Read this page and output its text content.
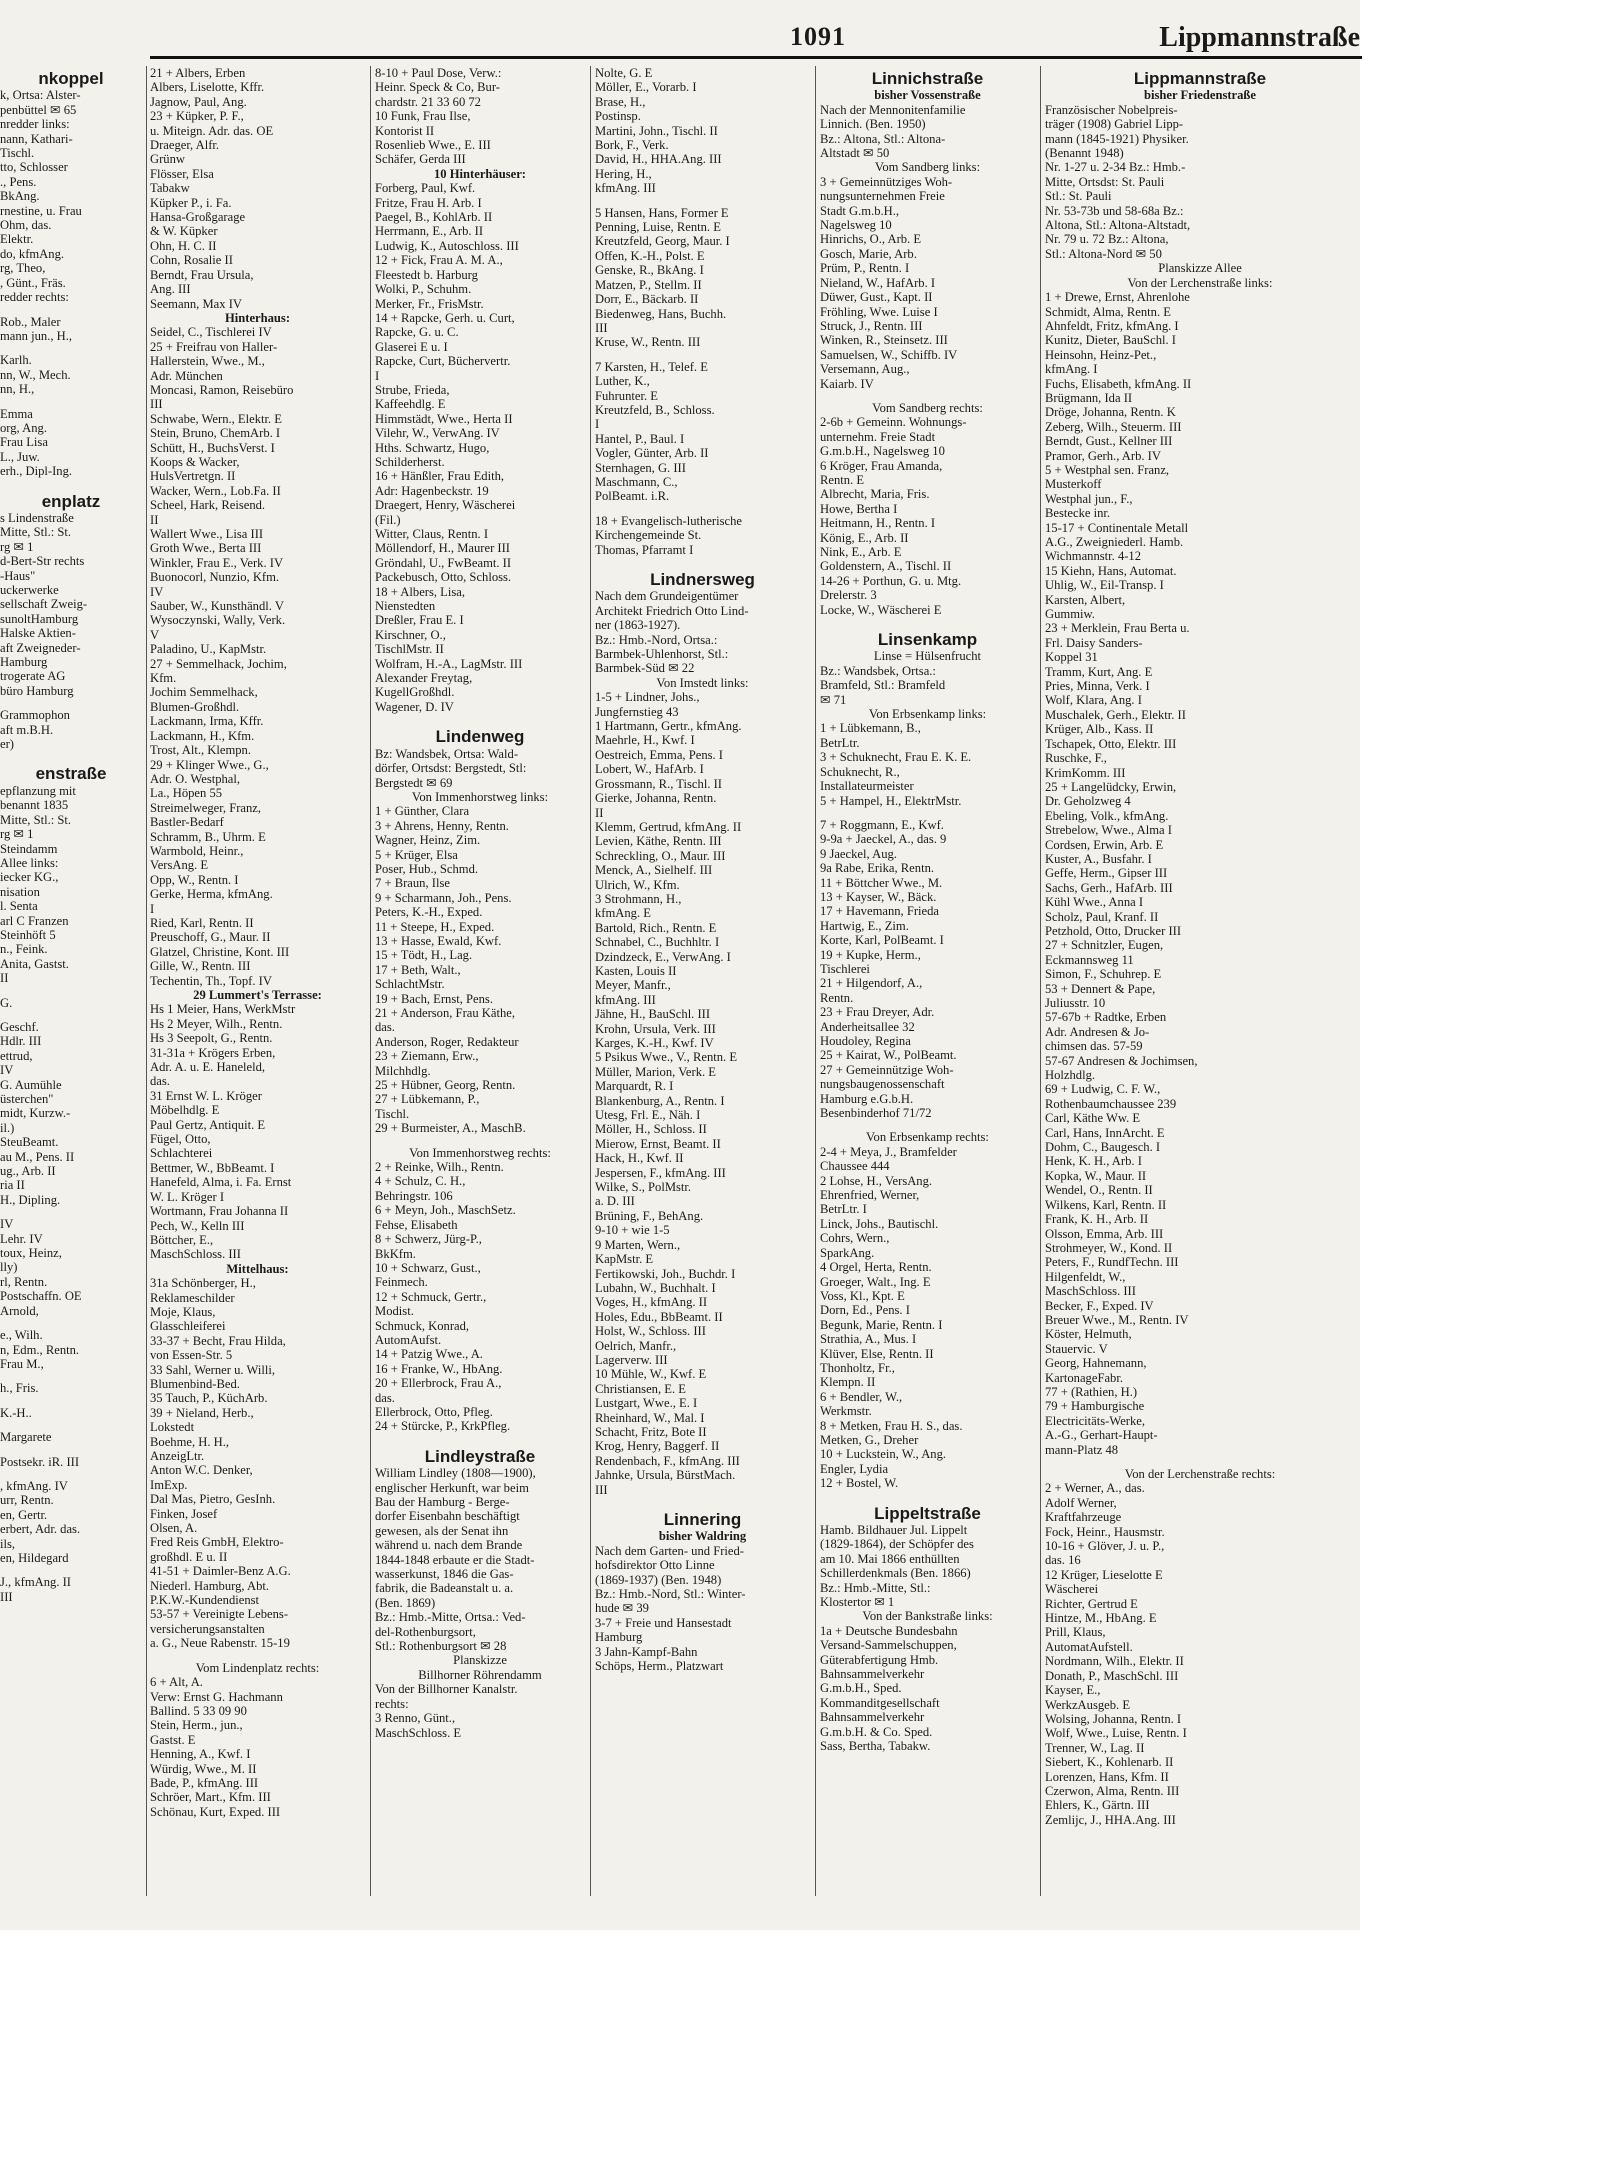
1091	Lippmannstraße
nkoppel
k, Ortsa: Alster-
penbüttel ✉ 65
nredder links:
nann, Kathari-
Tischl.
tto, Schlosser
., Pens.
BkAng.
rnestine, u. Frau
Ohm, das.
Elektr.
do, kfmAng.
rg, Theo,
, Günt., Fräs.
redder rechts:
Rob., Maler
mann jun., H.,
Karlh.
nn, W., Mech.
nn, H.,
Emma
org, Ang.
Frau Lisa
L., Juw.
erh., Dipl-Ing.
enplatz
s Lindenstraße
Mitte, Stl.: St.
rg ✉ 1
d-Bert-Str rechts
-Haus"
uckerwerke
sellschaft Zweig-
sunoltHamburg
Halske Aktien-
aft Zweigneder-
Hamburg
trogerate AG
büro Hamburg
Grammophon
aft m.B.H.
er)
enstraße
epflanzung mit
benannt 1835
Mitte, Stl.: St.
rg ✉ 1
Steindamm
Allee links:
iecker KG.,
nisation
l. Senta
arl C Franzen
Steinhöft 5
n., Feink.
Anita, Gastst.
II
G.
Geschf.
Hdlr. III
ettrud,
IV
G. Aumühle
üsterchen"
midt, Kurzw.-
il.)
SteuBeamt.
au M., Pens. II
ug., Arb. II
ria II
H., Dipling.
IV
Lehr. IV
toux, Heinz,
lly)
rl, Rentn.
Postschaffn. OE
Arnold,
e., Wilh.
n, Edm., Rentn.
Frau M.,
h., Fris.
K.-H..
Margarete
Postsekr. iR. III
, kfmAng. IV
urr, Rentn.
en, Gertr.
erbert, Adr. das.
ils,
en, Hildegard
J., kfmAng. II
III
21 + Albers, Erben
Albers, Liselotte, Kffr.
Jagnow, Paul, Ang.
23 + Küpker, P. F.,
u. Miteign. Adr. das. OE
Draeger, Alfr.
Grünw
Flösser, Elsa
Tabakw
Küpker P., i. Fa.
Hansa-Großgarage
& W. Küpker
Ohn, H. C. II
Cohn, Rosalie II
Berndt, Frau Ursula,
Ang. III
Seemann, Max IV
Hinterhaus:
Seidel, C., Tischlerei IV
25 + Freifrau von Haller-
Hallerstein, Wwe., M.,
Adr. München
Moncasi, Ramon, Reisebüro
III
Schwabe, Wern., Elektr. E
Stein, Bruno, ChemArb. I
Schütt, H., BuchsVerst. I
Koops & Wacker,
HulsVertretgn. II
Wacker, Wern., Lob.Fa. II
Scheel, Hark, Reisend.
II
Wallert Wwe., Lisa III
Groth Wwe., Berta III
Winkler, Frau E., Verk. IV
Buonocorl, Nunzio, Kfm.
IV
Sauber, W., Kunsthändl. V
Wysoczynski, Wally, Verk.
V
Paladino, U., KapMstr.
27 + Semmelhack, Jochim,
Kfm.
Jochim Semmelhack,
Blumen-Großhdl.
Lackmann, Irma, Kffr.
Lackmann, H., Kfm.
Trost, Alt., Klempn.
29 + Klinger Wwe., G.,
Adr. O. Westphal,
La., Höpen 55
Streimelweger, Franz,
Bastler-Bedarf
Schramm, B., Uhrm. E
Warmbold, Heinr.,
VersAng. E
Opp, W., Rentn. I
Gerke, Herma, kfmAng.
I
Ried, Karl, Rentn. II
Preuschoff, G., Maur. II
Glatzel, Christine, Kont. III
Gille, W., Rentn. III
Techentin, Th., Topf. IV
29 Lummert's Terrasse:
Hs 1 Meier, Hans, WerkMstr
Hs 2 Meyer, Wilh., Rentn.
Hs 3 Seepolt, G., Rentn.
31-31a + Krögers Erben,
Adr. A. u. E. Haneleld,
das.
31 Ernst W. L. Kröger
Möbelhdlg. E
Paul Gertz, Antiquit. E
Fügel, Otto,
Schlachterei
Bettmer, W., BbBeamt. I
Hanefeld, Alma, i. Fa. Ernst
W. L. Kröger I
Wortmann, Frau Johanna II
Pech, W., Kelln III
Böttcher, E.,
MaschSchloss. III
Mittelhaus:
31a Schönberger, H.,
Reklameschilder
Moje, Klaus,
Glasschleiferei
33-37 + Becht, Frau Hilda,
von Essen-Str. 5
33 Sahl, Werner u. Willi,
Blumenbind-Bed.
35 Tauch, P., KüchArb.
39 + Nieland, Herb.,
Lokstedt
Boehme, H. H.,
AnzeigLtr.
Anton W.C. Denker,
ImExp.
Dal Mas, Pietro, GesInh.
Finken, Josef
Olsen, A.
Fred Reis GmbH, Elektro-
großhdl. E u. II
41-51 + Daimler-Benz A.G.
Niederl. Hamburg, Abt.
P.K.W.-Kundendienst
53-57 + Vereinigte Lebens-
versicherungsanstalten
a. G., Neue Rabenstr. 15-19
Vom Lindenplatz rechts:
6 + Alt, A.
Verw: Ernst G. Hachmann
Ballind. 5 33 09 90
Stein, Herm., jun.,
Gastst. E
Henning, A., Kwf. I
Würdig, Wwe., M. II
Bade, P., kfmAng. III
Schröer, Mart., Kfm. III
Schönau, Kurt, Exped. III
8-10 + Paul Dose, Verw.:
Heinr. Speck & Co, Bur-
chardstr. 21 33 60 72
10 Funk, Frau Ilse,
Kontorist II
Rosenlieb Wwe., E. III
Schäfer, Gerda III
10 Hinterhäuser:
Forberg, Paul, Kwf.
Fritze, Frau H. Arb. I
Paegel, B., KohlArb. II
Herrmann, E., Arb. II
Ludwig, K., Autoschloss. III
12 + Fick, Frau A. M. A.,
Fleestedt b. Harburg
Wolki, P., Schuhm.
Merker, Fr., FrisMstr.
14 + Rapcke, Gerh. u. Curt,
Rapcke, G. u. C.
Glaserei E u. I
Rapcke, Curt, Büchervertr.
I
Strube, Frieda,
Kaffeehdlg. E
Himmstädt, Wwe., Herta II
Vilehr, W., VerwAng. IV
Hths. Schwartz, Hugo,
Schilderherst.
16 + Hänßler, Frau Edith,
Adr: Hagenbeckstr. 19
Draegert, Henry, Wäscherei
(Fil.)
Witter, Claus, Rentn. I
Möllendorf, H., Maurer III
Gröndahl, U., FwBeamt. II
Packebusch, Otto, Schloss.
18 + Albers, Lisa,
Nienstedten
Dreßler, Frau E. I
Kirschner, O.,
TischlMstr. II
Wolfram, H.-A., LagMstr. III
Alexander Freytag,
KugellGroßhdl.
Wagener, D. IV
Lindenweg
Bz: Wandsbek, Ortsa: Wald-
dörfer, Ortsdst: Bergstedt, Stl:
Bergstedt ✉ 69
Von Immenhorstweg links:
1 + Günther, Clara
3 + Ahrens, Henny, Rentn.
Wagner, Heinz, Zim.
5 + Krüger, Elsa
Poser, Hub., Schmd.
7 + Braun, Ilse
9 + Scharmann, Joh., Pens.
Peters, K.-H., Exped.
11 + Steepe, H., Exped.
13 + Hasse, Ewald, Kwf.
15 + Tödt, H., Lag.
17 + Beth, Walt.,
SchlachtMstr.
19 + Bach, Ernst, Pens.
21 + Anderson, Frau Käthe,
das.
Anderson, Roger, Redakteur
23 + Ziemann, Erw.,
Milchhdlg.
25 + Hübner, Georg, Rentn.
27 + Lübkemann, P.,
Tischl.
29 + Burmeister, A., MaschB.
Von Immenhorstweg rechts:
2 + Reinke, Wilh., Rentn.
4 + Schulz, C. H.,
Behringstr. 106
6 + Meyn, Joh., MaschSetz.
Fehse, Elisabeth
8 + Schwerz, Jürg-P.,
BkKfm.
10 + Schwarz, Gust.,
Feinmech.
12 + Schmuck, Gertr.,
Modist.
Schmuck, Konrad,
AutomAufst.
14 + Patzig Wwe., A.
16 + Franke, W., HbAng.
20 + Ellerbrock, Frau A.,
das.
Ellerbrock, Otto, Pfleg.
24 + Stürcke, P., KrkPfleg.
Lindleystraße
William Lindley (1808—1900),
englischer Herkunft, war beim
Bau der Hamburg - Berge-
dorfer Eisenbahn beschäftigt
gewesen, als der Senat ihn
während u. nach dem Brande
1844-1848 erbaute er die Stadt-
wasserkunst, 1846 die Gas-
fabrik, die Badeanstalt u. a.
(Ben. 1869)
Bz.: Hmb.-Mitte, Ortsa.: Ved-
del-Rothenburgsort,
Stl.: Rothenburgsort ✉ 28
Planskizze
Billhorner Röhrendamm
Von der Billhorner Kanalstr.
rechts:
3 Renno, Günt.,
MaschSchloss. E
Nolte, G. E
Möller, E., Vorarb. I
Brase, H.,
Postinsp.
Martini, John., Tischl. II
Bork, F., Verk.
David, H., HHA.Ang. III
Hering, H.,
kfmAng. III
5 Hansen, Hans, Former E
Penning, Luise, Rentn. E
Kreutzfeld, Georg, Maur. I
Offen, K.-H., Polst. E
Genske, R., BkAng. I
Matzen, P., Stellm. II
Dorr, E., Bäckarb. II
Biedenweg, Hans, Buchh.
III
Kruse, W., Rentn. III
7 Karsten, H., Telef. E
Luther, K.,
Fuhrunter. E
Kreutzfeld, B., Schloss.
I
Hantel, P., Baul. I
Vogler, Günter, Arb. II
Sternhagen, G. III
Maschmann, C.,
PolBeamt. i.R.
18 + Evangelisch-lutherische
Kirchengemeinde St.
Thomas, Pfarramt I
Lindnersweg
Nach dem Grundeigentümer
Architekt Friedrich Otto Lind-
ner (1863-1927).
Bz.: Hmb.-Nord, Ortsa.:
Barmbek-Uhlenhorst, Stl.:
Barmbek-Süd ✉ 22
Von Imstedt links:
1-5 + Lindner, Johs.,
Jungfernstieg 43
1 Hartmann, Gertr., kfmAng.
Maehrle, H., Kwf. I
Oestreich, Emma, Pens. I
Lobert, W., HafArb. I
Grossmann, R., Tischl. II
Gierke, Johanna, Rentn.
II
Klemm, Gertrud, kfmAng. II
Levien, Käthe, Rentn. III
Schreckling, O., Maur. III
Menck, A., Sielhelf. III
Ulrich, W., Kfm.
3 Strohmann, H.,
kfmAng. E
Bartold, Rich., Rentn. E
Schnabel, C., Buchhltr. I
Dzindzeck, E., VerwAng. I
Kasten, Louis II
Meyer, Manfr.,
kfmAng. III
Jähne, H., BauSchl. III
Krohn, Ursula, Verk. III
Karges, K.-H., Kwf. IV
5 Psikus Wwe., V., Rentn. E
Müller, Marion, Verk. E
Marquardt, R. I
Blankenburg, A., Rentn. I
Utesg, Frl. E., Näh. I
Möller, H., Schloss. II
Mierow, Ernst, Beamt. II
Hack, H., Kwf. II
Jespersen, F., kfmAng. III
Wilke, S., PolMstr.
a. D. III
Brüning, F., BehAng.
9-10 + wie 1-5
9 Marten, Wern.,
KapMstr. E
Fertikowski, Joh., Buchdr. I
Lubahn, W., Buchhalt. I
Voges, H., kfmAng. II
Holes, Edu., BbBeamt. II
Holst, W., Schloss. III
Oelrich, Manfr.,
Lagerverw. III
10 Mühle, W., Kwf. E
Christiansen, E. E
Lustgart, Wwe., E. I
Rheinhard, W., Mal. I
Schacht, Fritz, Bote II
Krog, Henry, Baggerf. II
Rendenbach, F., kfmAng. III
Jahnke, Ursula, BürstMach.
III
Linnering
bisher Waldring
Nach dem Garten- und Fried-
hofsdirektor Otto Linne
(1869-1937) (Ben. 1948)
Bz.: Hmb.-Nord, Stl.: Winter-
hude ✉ 39
3-7 + Freie und Hansestadt
Hamburg
3 Jahn-Kampf-Bahn
Schöps, Herm., Platzwart
Linnichstraße
bisher Vossenstraße
Nach der Mennonitenfamilie
Linnich. (Ben. 1950)
Bz.: Altona, Stl.: Altona-
Altstadt ✉ 50
Vom Sandberg links:
3 + Gemeinnütziges Woh-
nungsunternehmen Freie
Stadt G.m.b.H.,
Nagelsweg 10
Hinrichs, O., Arb. E
Gosch, Marie, Arb.
Prüm, P., Rentn. I
Nieland, W., HafArb. I
Düwer, Gust., Kapt. II
Fröhling, Wwe. Luise I
Struck, J., Rentn. III
Winken, R., Steinsetz. III
Samuelsen, W., Schiffb. IV
Versemann, Aug.,
Kaiarb. IV
Vom Sandberg rechts:
2-6b + Gemeinn. Wohnungs-
unternehm. Freie Stadt
G.m.b.H., Nagelsweg 10
6 Kröger, Frau Amanda,
Rentn. E
Albrecht, Maria, Fris.
Howe, Bertha I
Heitmann, H., Rentn. I
König, E., Arb. II
Nink, E., Arb. E
Goldenstern, A., Tischl. II
14-26 + Porthun, G. u. Mtg.
Drelerstr. 3
Locke, W., Wäscherei E
Linsenkamp
Linse = Hülsenfrucht
Bz.: Wandsbek, Ortsa.:
Bramfeld, Stl.: Bramfeld
✉ 71
Von Erbsenkamp links:
1 + Lübkemann, B.,
BetrLtr.
3 + Schuknecht, Frau E. K. E.
Schuknecht, R.,
Installateurmeister
5 + Hampel, H., ElektrMstr.
7 + Roggmann, E., Kwf.
9-9a + Jaeckel, A., das. 9
9 Jaeckel, Aug.
9a Rabe, Erika, Rentn.
11 + Böttcher Wwe., M.
13 + Kayser, W., Bäck.
17 + Havemann, Frieda
Hartwig, E., Zim.
Korte, Karl, PolBeamt. I
19 + Kupke, Herm.,
Tischlerei
21 + Hilgendorf, A.,
Rentn.
23 + Frau Dreyer, Adr.
Anderheitsallee 32
Houdoley, Regina
25 + Kairat, W., PolBeamt.
27 + Gemeinnützige Woh-
nungsbaugenossenschaft
Hamburg e.G.b.H.
Besenbinderhof 71/72
Von Erbsenkamp rechts:
2-4 + Meya, J., Bramfelder
Chaussee 444
2 Lohse, H., VersAng.
Ehrenfried, Werner,
BetrLtr. I
Linck, Johs., Bautischl.
Cohrs, Wern.,
SparkAng.
4 Orgel, Herta, Rentn.
Groeger, Walt., Ing. E
Voss, Kl., Kpt. E
Dorn, Ed., Pens. I
Begunk, Marie, Rentn. I
Strathia, A., Mus. I
Klüver, Else, Rentn. II
Thonholtz, Fr.,
Klempn. II
6 + Bendler, W.,
Werkmstr.
8 + Metken, Frau H. S., das.
Metken, G., Dreher
10 + Luckstein, W., Ang.
Engler, Lydia
12 + Bostel, W.
Lippeltstraße
Hamb. Bildhauer Jul. Lippelt
(1829-1864), der Schöpfer des
am 10. Mai 1866 enthüllten
Schillerdenkmals (Ben. 1866)
Bz.: Hmb.-Mitte, Stl.:
Klostertor ✉ 1
Von der Bankstraße links:
1a + Deutsche Bundesbahn
Versand-Sammelschuppen,
Güterabfertigung Hmb.
Bahnsammelverkehr
G.m.b.H., Sped.
Kommanditgesellschaft
Bahnsammelverkehr
G.m.b.H. & Co. Sped.
Sass, Bertha, Tabakw.
Lippmannstraße
bisher Friedenstraße
Französischer Nobelpreis-
träger (1908) Gabriel Lipp-
mann (1845-1921) Physiker.
(Benannt 1948)
Nr. 1-27 u. 2-34 Bz.: Hmb.-
Mitte, Ortsdst: St. Pauli
Stl.: St. Pauli
Nr. 53-73b und 58-68a Bz.:
Altona, Stl.: Altona-Altstadt,
Nr. 79 u. 72 Bz.: Altona,
Stl.: Altona-Nord ✉ 50
Planskizze Allee
Von der Lerchenstraße links:
1 + Drewe, Ernst, Ahrenlohe
Schmidt, Alma, Rentn. E
Ahnfeldt, Fritz, kfmAng. I
Kunitz, Dieter, BauSchl. I
Heinsohn, Heinz-Pet.,
kfmAng. I
Fuchs, Elisabeth, kfmAng. II
Brügmann, Ida II
Dröge, Johanna, Rentn. K
Zeberg, Wilh., Steuerm. III
Berndt, Gust., Kellner III
Pramor, Gerh., Arb. IV
5 + Westphal sen. Franz,
Musterkoff
Westphal jun., F.,
Bestecke inr.
15-17 + Continentale Metall
A.G., Zweigniederl. Hamb.
Wichmannstr. 4-12
15 Kiehn, Hans, Automat.
Uhlig, W., Eil-Transp. I
Karsten, Albert,
Gummiw.
23 + Merklein, Frau Berta u.
Frl. Daisy Sanders-
Koppel 31
Tramm, Kurt, Ang. E
Pries, Minna, Verk. I
Wolf, Klara, Ang. I
Muschalek, Gerh., Elektr. II
Krüger, Alb., Kass. II
Tschapek, Otto, Elektr. III
Ruschke, F.,
KrimKomm. III
25 + Langelüdcky, Erwin,
Dr. Geholzweg 4
Ebeling, Volk., kfmAng.
Strebelow, Wwe., Alma I
Cordsen, Erwin, Arb. E
Kuster, A., Busfahr. I
Geffe, Herm., Gipser III
Sachs, Gerh., HafArb. III
Kühl Wwe., Anna I
Scholz, Paul, Kranf. II
Petzhold, Otto, Drucker III
27 + Schnitzler, Eugen,
Eckmannsweg 11
Simon, F., Schuhrep. E
53 + Dennert & Pape,
Juliusstr. 10
57-67b + Radtke, Erben
Adr. Andresen & Jo-
chimsen das. 57-59
57-67 Andresen & Jochimsen,
Holzhdlg.
69 + Ludwig, C. F. W.,
Rothenbaumchaussee 239
Carl, Käthe Ww. E
Carl, Hans, InnArcht. E
Dohm, C., Baugesch. I
Henk, K. H., Arb. I
Kopka, W., Maur. II
Wendel, O., Rentn. II
Wilkens, Karl, Rentn. II
Frank, K. H., Arb. II
Olsson, Emma, Arb. III
Strohmeyer, W., Kond. II
Peters, F., RundfTechn. III
Hilgenfeldt, W.,
MaschSchloss. III
Becker, F., Exped. IV
Breuer Wwe., M., Rentn. IV
Köster, Helmuth,
Stauervic. V
Georg, Hahnemann,
KartonageFabr.
77 + (Rathien, H.)
79 + Hamburgische
Electricitäts-Werke,
A.-G., Gerhart-Haupt-
mann-Platz 48
Von der Lerchenstraße rechts:
2 + Werner, A., das.
Adolf Werner,
Kraftfahrzeuge
Fock, Heinr., Hausmstr.
10-16 + Glöver, J. u. P.,
das. 16
12 Krüger, Lieselotte E
Wäscherei
Richter, Gertrud E
Hintze, M., HbAng. E
Prill, Klaus,
AutomatAufstell.
Nordmann, Wilh., Elektr. II
Donath, P., MaschSchl. III
Kayser, E.,
WerkzAusgeb. E
Wolsing, Johanna, Rentn. I
Wolf, Wwe., Luise, Rentn. I
Trenner, W., Lag. II
Siebert, K., Kohlenarb. II
Lorenzen, Hans, Kfm. II
Czerwon, Alma, Rentn. III
Ehlers, K., Gärtn. III
Zemlijc, J., HHA.Ang. III
